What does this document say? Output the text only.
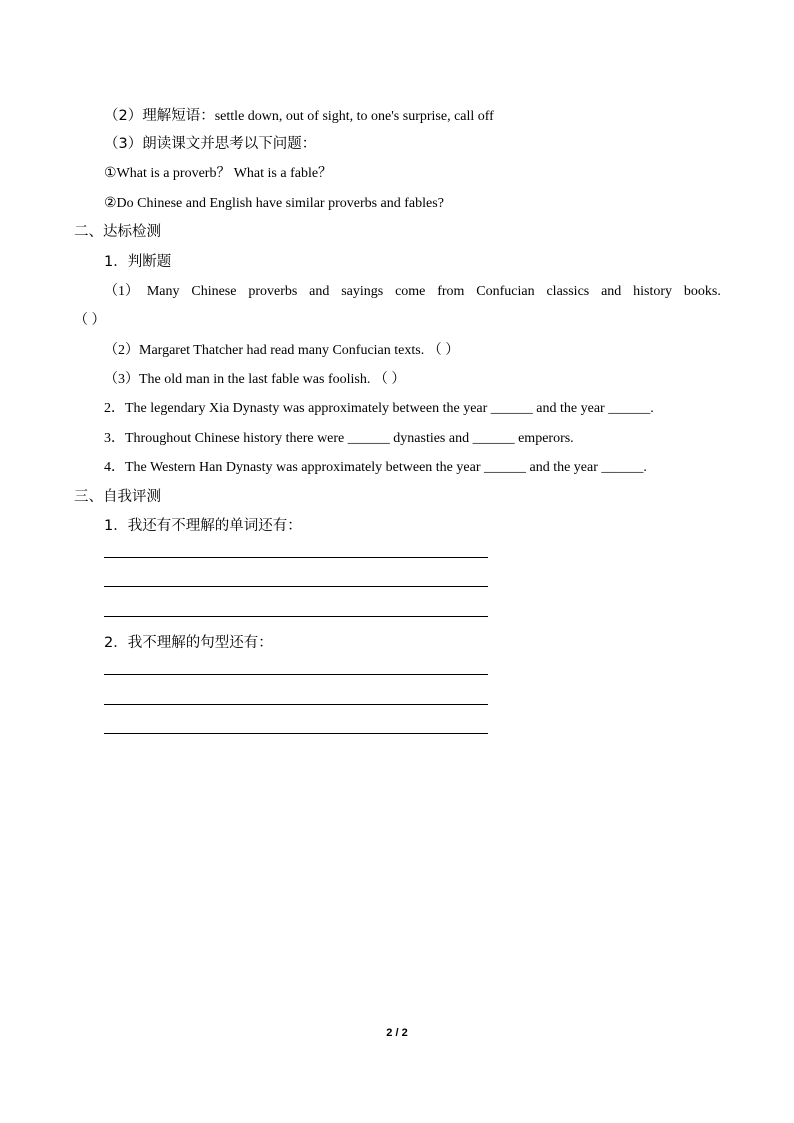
（2）理解短语：settle down, out of sight, to one's surprise, call off
（3）朗读课文并思考以下问题：
①What is a proverb？ What is a fable？
②Do Chinese and English have similar proverbs and fables?
二、达标检测
1．判断题
（1） Many Chinese proverbs and sayings come from Confucian classics and history books.
（ ）
（2）Margaret Thatcher had read many Confucian texts. （ ）
（3）The old man in the last fable was foolish. （ ）
2．The legendary Xia Dynasty was approximately between the year ______ and the year ______.
3．Throughout Chinese history there were ______ dynasties and ______ emperors.
4．The Western Han Dynasty was approximately between the year ______ and the year ______.
三、自我评测
1．我还有不理解的单词还有：
2．我不理解的句型还有：
2 / 2
